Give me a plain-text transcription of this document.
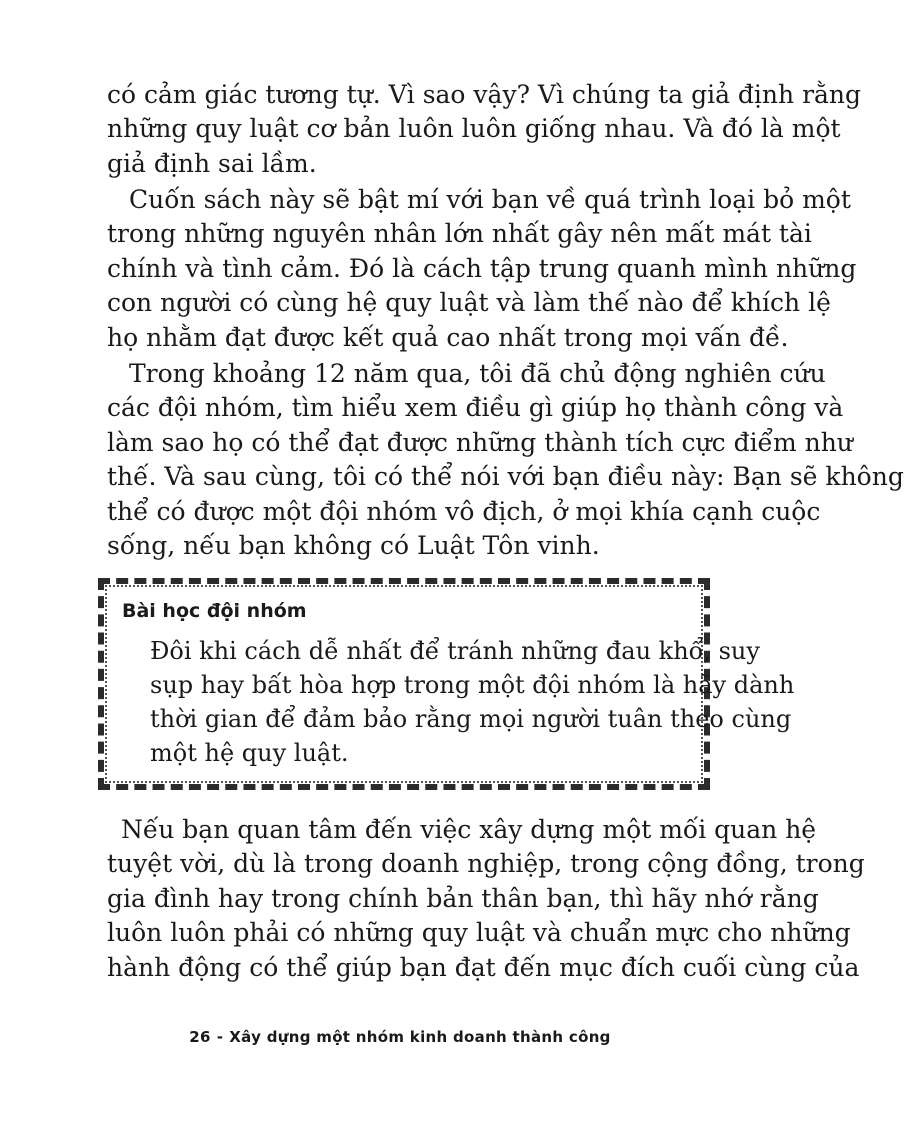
có cảm giác tương tự. Vì sao vậy? Vì chúng ta giả định rằng
những quy luật cơ bản luôn luôn giống nhau. Và đó là một
giả định sai lầm.

Cuốn sách này sẽ bật mí với bạn về quá trình loại bỏ một
trong những nguyên nhân lớn nhất gây nên mất mát tài
chính và tình cảm. Đó là cách tập trung quanh mình những
con người có cùng hệ quy luật và làm thế nào để khích lệ
họ nhằm đạt được kết quả cao nhất trong mọi vấn đề.

Trong khoảng 12 năm qua, tôi đã chủ động nghiên cứu
các đội nhóm, tìm hiểu xem điều gì giúp họ thành công và
làm sao họ có thể đạt được những thành tích cực điểm như
thế. Và sau cùng, tôi có thể nói với bạn điều này: Bạn sẽ không
thể có được một đội nhóm vô địch, ở mọi khía cạnh cuộc
sống, nếu bạn không có Luật Tôn vinh.

Bài học đội nhóm

Đôi khi cách dễ nhất để tránh những đau khổ, suy
sụp hay bất hòa hợp trong một đội nhóm là hãy dành
thời gian để đảm bảo rằng mọi người tuân theo cùng
một hệ quy luật.

Nếu bạn quan tâm đến việc xây dựng một mối quan hệ
tuyệt vời, dù là trong doanh nghiệp, trong cộng đồng, trong
gia đình hay trong chính bản thân bạn, thì hãy nhớ rằng
luôn luôn phải có những quy luật và chuẩn mực cho những
hành động có thể giúp bạn đạt đến mục đích cuối cùng của

26 - Xây dựng một nhóm kinh doanh thành công
